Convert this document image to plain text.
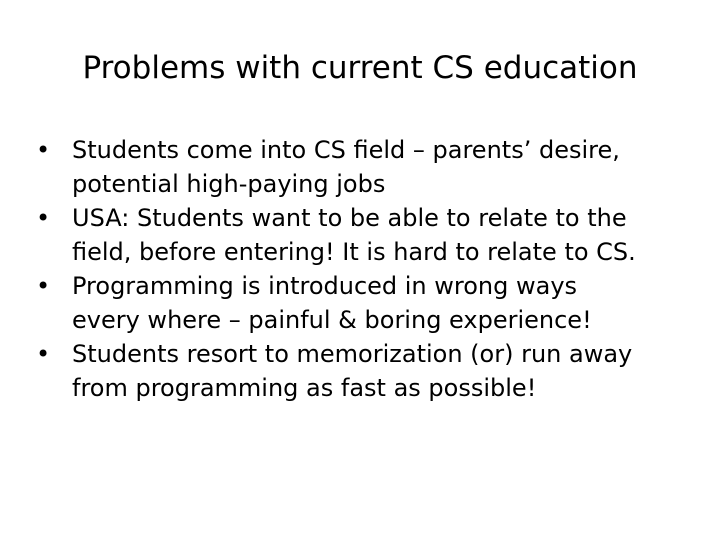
Problems with current CS education
• Students come into CS field – parents’ desire,
potential high-paying jobs
• USA: Students want to be able to relate to the
field, before entering! It is hard to relate to CS.
• Programming is introduced in wrong ways
every where – painful & boring experience!
• Students resort to memorization (or) run away
from programming as fast as possible!
